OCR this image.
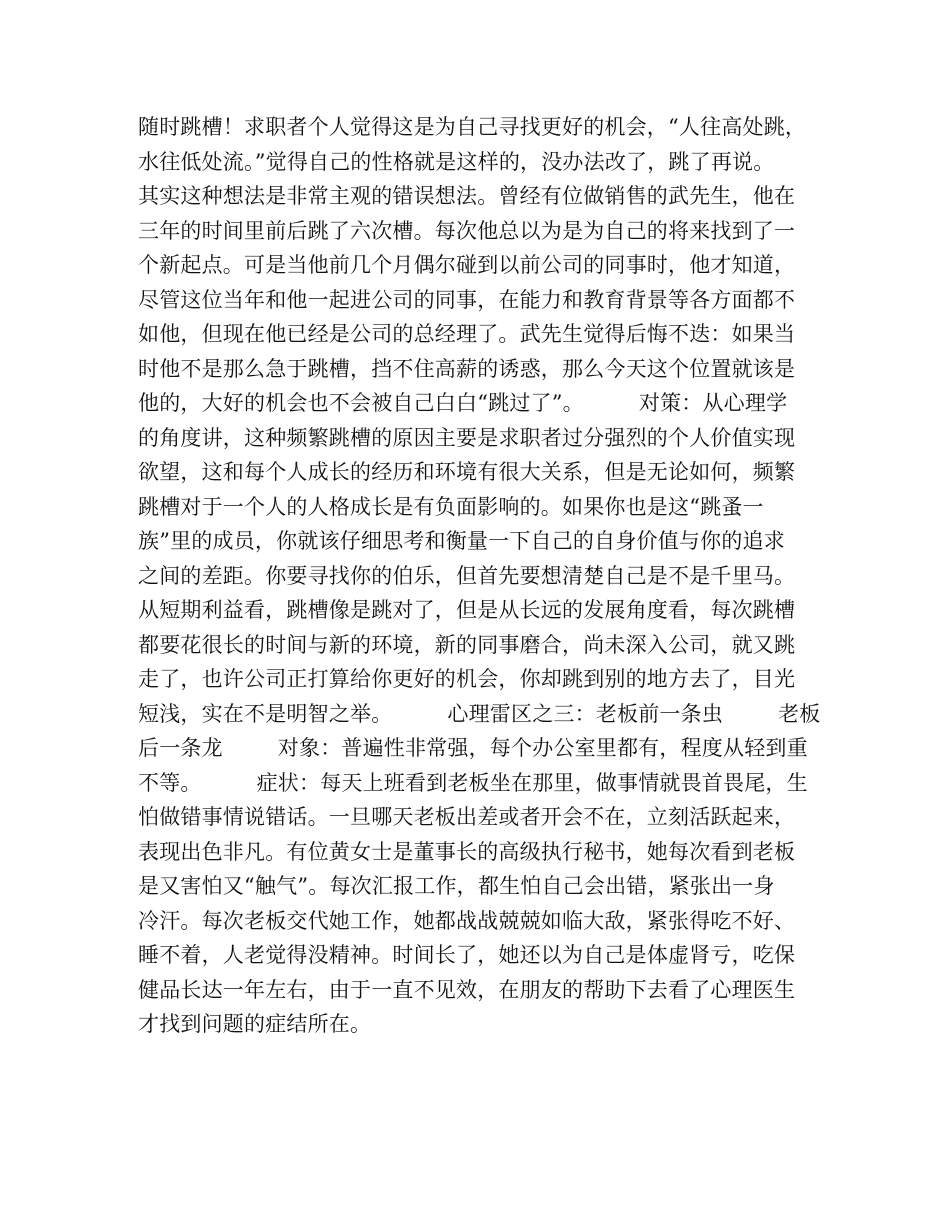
随时跳槽！求职者个人觉得这是为自己寻找更好的机会，“人往高处跳，
水往低处流。”觉得自己的性格就是这样的，没办法改了，跳了再说。
其实这种想法是非常主观的错误想法。曾经有位做销售的武先生，他在
三年的时间里前后跳了六次槽。每次他总以为是为自己的将来找到了一
个新起点。可是当他前几个月偶尔碰到以前公司的同事时，他才知道，
尽管这位当年和他一起进公司的同事，在能力和教育背景等各方面都不
如他，但现在他已经是公司的总经理了。武先生觉得后悔不迭：如果当
时他不是那么急于跳槽，挡不住高薪的诱惑，那么今天这个位置就该是
他的，大好的机会也不会被自己白白“跳过了”。        对策：从心理学
的角度讲，这种频繁跳槽的原因主要是求职者过分强烈的个人价值实现
欲望，这和每个人成长的经历和环境有很大关系，但是无论如何，频繁
跳槽对于一个人的人格成长是有负面影响的。如果你也是这“跳蚤一
族”里的成员，你就该仔细思考和衡量一下自己的自身价值与你的追求
之间的差距。你要寻找你的伯乐，但首先要想清楚自己是不是千里马。
从短期利益看，跳槽像是跳对了，但是从长远的发展角度看，每次跳槽
都要花很长的时间与新的环境，新的同事磨合，尚未深入公司，就又跳
走了，也许公司正打算给你更好的机会，你却跳到别的地方去了，目光
短浅，实在不是明智之举。        心理雷区之三：老板前一条虫        老板
后一条龙        对象：普遍性非常强，每个办公室里都有，程度从轻到重
不等。        症状：每天上班看到老板坐在那里，做事情就畏首畏尾，生
怕做错事情说错话。一旦哪天老板出差或者开会不在，立刻活跃起来，
表现出色非凡。有位黄女士是董事长的高级执行秘书，她每次看到老板
是又害怕又“触气”。每次汇报工作，都生怕自己会出错，紧张出一身
冷汗。每次老板交代她工作，她都战战兢兢如临大敌，紧张得吃不好、
睡不着，人老觉得没精神。时间长了，她还以为自己是体虚肾亏，吃保
健品长达一年左右，由于一直不见效，在朋友的帮助下去看了心理医生
才找到问题的症结所在。
